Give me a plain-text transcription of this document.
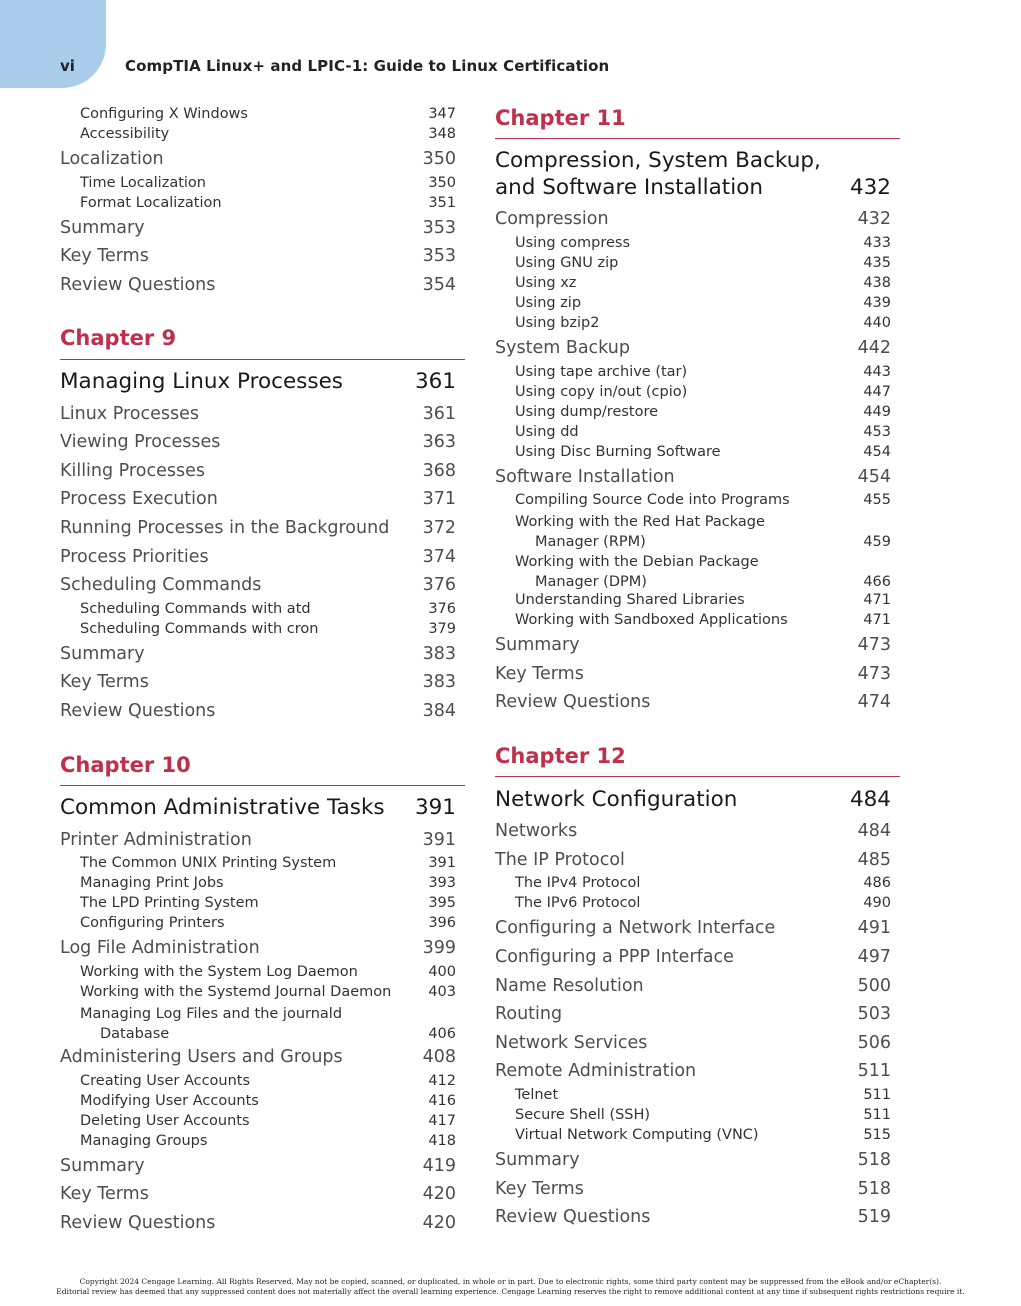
vi	CompTIA Linux+ and LPIC-1: Guide to Linux Certification
Configuring X Windows	347
Accessibility	348
Localization	350
Time Localization	350
Format Localization	351
Summary	353
Key Terms	353
Review Questions	354
Chapter 9
Managing Linux Processes	361
Linux Processes	361
Viewing Processes	363
Killing Processes	368
Process Execution	371
Running Processes in the Background 372
Process Priorities	374
Scheduling Commands	376
Scheduling Commands with atd	376
Scheduling Commands with cron	379
Summary	383
Key Terms	383
Review Questions	384
Chapter 10
Common Administrative Tasks 391
Printer Administration	391
The Common UNIX Printing System	391
Managing Print Jobs	393
The LPD Printing System	395
Configuring Printers	396
Log File Administration	399
Working with the System Log Daemon	400
Working with the Systemd Journal Daemon	403
Managing Log Files and the journald
Database	406
Administering Users and Groups	408
Creating User Accounts	412
Modifying User Accounts	416
Deleting User Accounts	417
Managing Groups	418
Summary	419
Key Terms	420
Review Questions	420
Chapter 11
Compression, System Backup,
and Software Installation	432
Compression	432
Using compress	433
Using GNU zip	435
Using xz	438
Using zip	439
Using bzip2	440
System Backup	442
Using tape archive (tar)	443
Using copy in/out (cpio)	447
Using dump/restore	449
Using dd	453
Using Disc Burning Software	454
Software Installation	454
Compiling Source Code into Programs	455
Working with the Red Hat Package
Manager (RPM)	459
Working with the Debian Package
Manager (DPM)	466
Understanding Shared Libraries	471
Working with Sandboxed Applications	471
Summary	473
Key Terms	473
Review Questions	474
Chapter 12
Network Configuration	484
Networks	484
The IP Protocol	485
The IPv4 Protocol	486
The IPv6 Protocol	490
Configuring a Network Interface	491
Configuring a PPP Interface	497
Name Resolution	500
Routing	503
Network Services	506
Remote Administration	511
Telnet	511
Secure Shell (SSH)	511
Virtual Network Computing (VNC)	515
Summary	518
Key Terms	518
Review Questions	519
Copyright 2024 Cengage Learning. All Rights Reserved. May not be copied, scanned, or duplicated, in whole or in part. Due to electronic rights, some third party content may be suppressed from the eBook and/or eChapter(s).
Editorial review has deemed that any suppressed content does not materially affect the overall learning experience. Cengage Learning reserves the right to remove additional content at any time if subsequent rights restrictions require it.
